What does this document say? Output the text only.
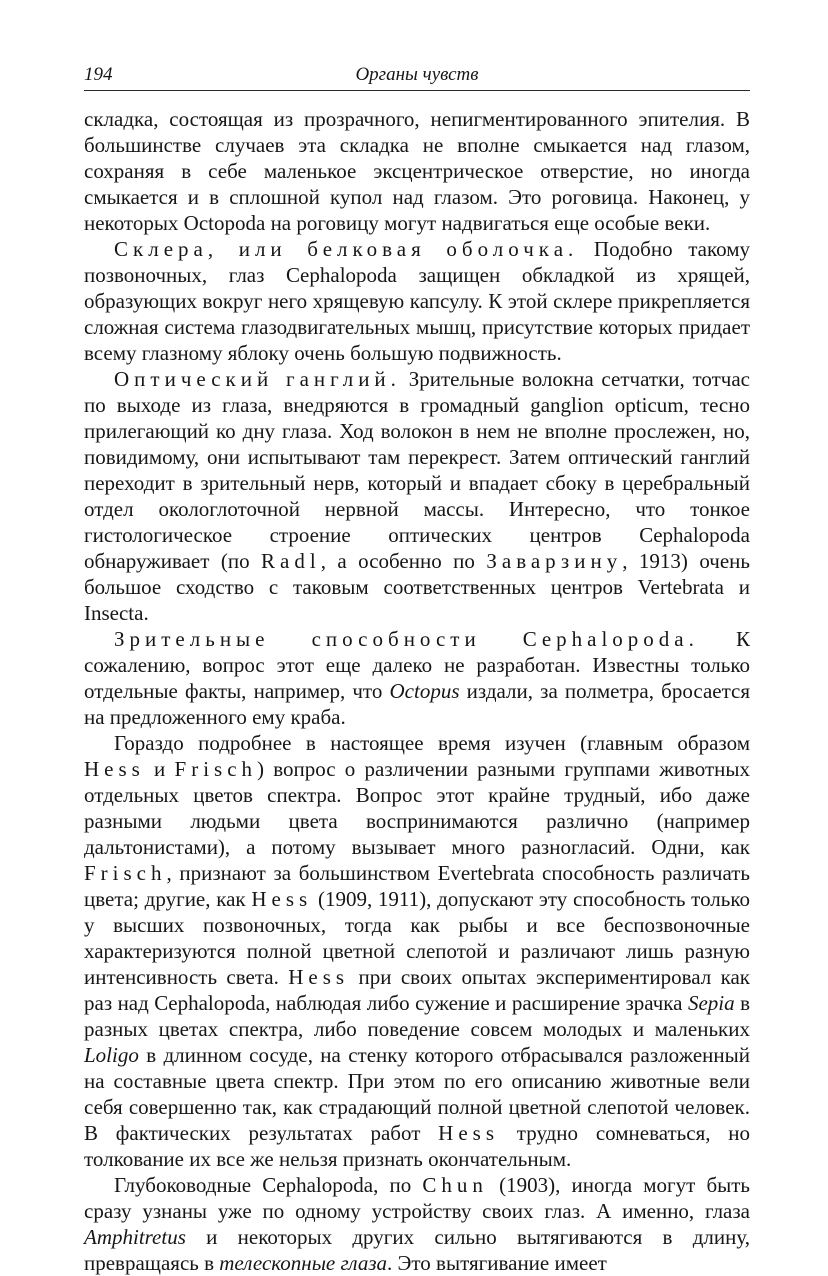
194	Органы чувств

складка, состоящая из прозрачного, непигментированного эпителия. В большинстве случаев эта складка не вполне смыкается над глазом, сохраняя в себе маленькое эксцентрическое отверстие, но иногда смыкается и в сплошной купол над глазом. Это роговица. Наконец, у некоторых Octopoda на роговицу могут надвигаться еще особые веки.

Склера, или белковая оболочка. Подобно такому позвоночных, глаз Cephalopoda защищен обкладкой из хрящей, образующих вокруг него хрящевую капсулу. К этой склере прикрепляется сложная система глазодвигательных мышц, присутствие которых придает всему глазному яблоку очень большую подвижность.

Оптический ганглий. Зрительные волокна сетчатки, тотчас по выходе из глаза, внедряются в громадный ganglion opticum, тесно прилегающий ко дну глаза. Ход волокон в нем не вполне прослежен, но, повидимому, они испытывают там перекрест. Затем оптический ганглий переходит в зрительный нерв, который и впадает сбоку в церебральный отдел окологлоточной нервной массы. Интересно, что тонкое гистологическое строение оптических центров Cephalopoda обнаруживает (по Radl, а особенно по Заварзину, 1913) очень большое сходство с таковым соответственных центров Vertebrata и Insecta.

Зрительные способности Cephalopoda. К сожалению, вопрос этот еще далеко не разработан. Известны только отдельные факты, например, что Octopus издали, за полметра, бросается на предложенного ему краба.

Гораздо подробнее в настоящее время изучен (главным образом Hess и Frisch) вопрос о различении разными группами животных отдельных цветов спектра. Вопрос этот крайне трудный, ибо даже разными людьми цвета воспринимаются различно (например дальтонистами), а потому вызывает много разногласий. Одни, как Frisch, признают за большинством Evertebrata способность различать цвета; другие, как Hess (1909, 1911), допускают эту способность только у высших позвоночных, тогда как рыбы и все беспозвоночные характеризуются полной цветной слепотой и различают лишь разную интенсивность света. Hess при своих опытах экспериментировал как раз над Cephalopoda, наблюдая либо сужение и расширение зрачка Sepia в разных цветах спектра, либо поведение совсем молодых и маленьких Loligo в длинном сосуде, на стенку которого отбрасывался разложенный на составные цвета спектр. При этом по его описанию животные вели себя совершенно так, как страдающий полной цветной слепотой человек. В фактических результатах работ Hess трудно сомневаться, но толкование их все же нельзя признать окончательным.

Глубоководные Cephalopoda, по Chun (1903), иногда могут быть сразу узнаны уже по одному устройству своих глаз. А именно, глаза Amphitretus и некоторых других сильно вытягиваются в длину, превращаясь в телескопные глаза. Это вытягивание имеет
